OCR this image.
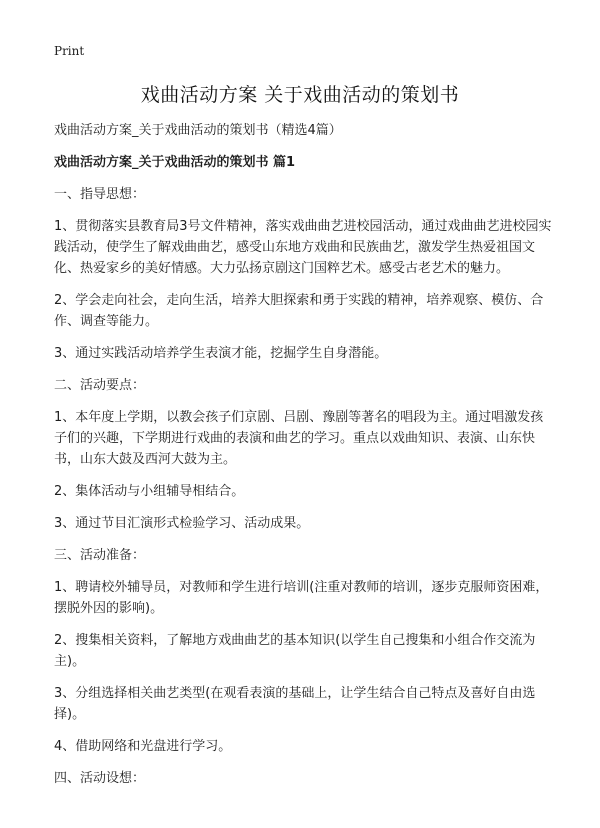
Print
戏曲活动方案 关于戏曲活动的策划书

戏曲活动方案_关于戏曲活动的策划书（精选4篇）

戏曲活动方案_关于戏曲活动的策划书 篇1

一、指导思想：

1、贯彻落实县教育局3号文件精神，落实戏曲曲艺进校园活动，通过戏曲曲艺进校园实践活动，使学生了解戏曲曲艺，感受山东地方戏曲和民族曲艺，激发学生热爱祖国文化、热爱家乡的美好情感。大力弘扬京剧这门国粹艺术。感受古老艺术的魅力。

2、学会走向社会，走向生活，培养大胆探索和勇于实践的精神，培养观察、模仿、合作、调查等能力。

3、通过实践活动培养学生表演才能，挖掘学生自身潜能。

二、活动要点：

1、本年度上学期，以教会孩子们京剧、吕剧、豫剧等著名的唱段为主。通过唱激发孩子们的兴趣，下学期进行戏曲的表演和曲艺的学习。重点以戏曲知识、表演、山东快书，山东大鼓及西河大鼓为主。

2、集体活动与小组辅导相结合。

3、通过节目汇演形式检验学习、活动成果。

三、活动准备：

1、聘请校外辅导员，对教师和学生进行培训(注重对教师的培训，逐步克服师资困难，摆脱外因的影响)。

2、搜集相关资料，了解地方戏曲曲艺的基本知识(以学生自己搜集和小组合作交流为主)。

3、分组选择相关曲艺类型(在观看表演的基础上，让学生结合自己特点及喜好自由选择)。

4、借助网络和光盘进行学习。

四、活动设想：
